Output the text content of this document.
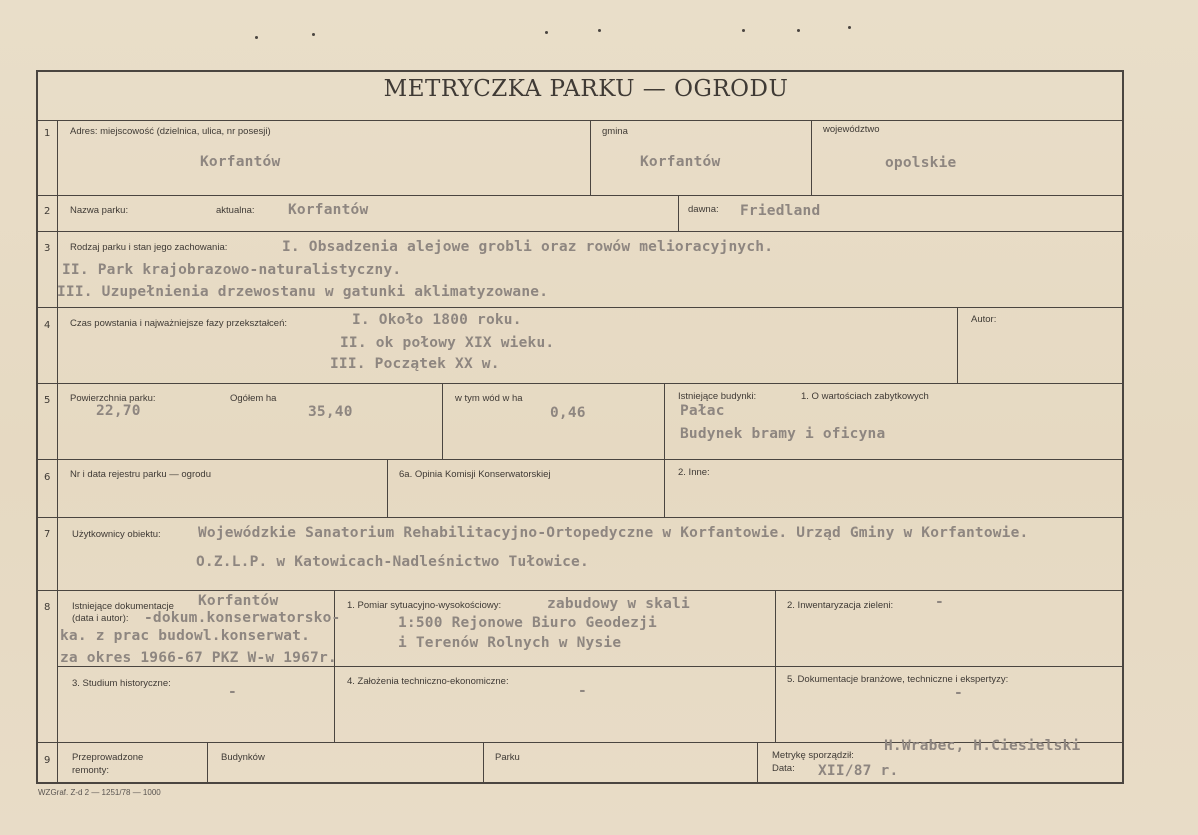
METRYCZKA PARKU — OGRODU
1 Adres: miejscowość (dzielnica, ulica, nr posesji)
Korfantów
gmina
Korfantów
województwo
opolskie
2 Nazwa parku:	aktualna: Korfantów	dawna: Friedland
3 Rodzaj parku i stan jego zachowania:	I. Obsadzenia alejowe grobli oraz rowów melioracyjnych.
II. Park krajobrazowo-naturalistyczny.
III. Uzupełnienia drzewostanu w gatunki aklimatyzowane.
4 Czas powstania i najważniejsze fazy przekształceń:	I. Około 1800 roku.
II. ok połowy XIX wieku.
III. Początek XX w.
Autor:
5 Powierzchnia parku:
22,70
Ogółem ha
35,40
w tym wód w ha
0,46
Istniejące budynki:	1. O wartościach zabytkowych
Pałac
Budynek bramy i oficyna
6 Nr i data rejestru parku — ogrodu	6a. Opinia Komisji Konserwatorskiej	2. Inne:
7 Użytkownicy obiektu:	Wojewódzkie Sanatorium Rehabilitacyjno-Ortopedyczne w Korfantowie. Urząd Gminy w Korfantowie.
O.Z.L.P. w Katowicach-Nadleśnictwo Tułowice.
8 Istniejące dokumentacje
(data i autor):
Korfantów
-dokum.konserwatorsko-
ka. z prac budowl.konserwat.
za okres 1966-67 PKZ W-w 1967r.
1. Pomiar sytuacyjno-wysokościowy:	zabudowy w skali
1:500 Rejonowe Biuro Geodezji
i Terenów Rolnych w Nysie
2. Inwentaryzacja zieleni:	-
3. Studium historyczne:
-
4. Założenia techniczno-ekonomiczne:
-
5. Dokumentacje branżowe, techniczne i ekspertyzy:
-
9 Przeprowadzone
remonty:
Budynków	Parku	Metrykę sporządził:
H.Wrabec, H.Ciesielski
Data: XII/87 r.
WZGraf. Z-d 2 — 1251/78 — 1000
